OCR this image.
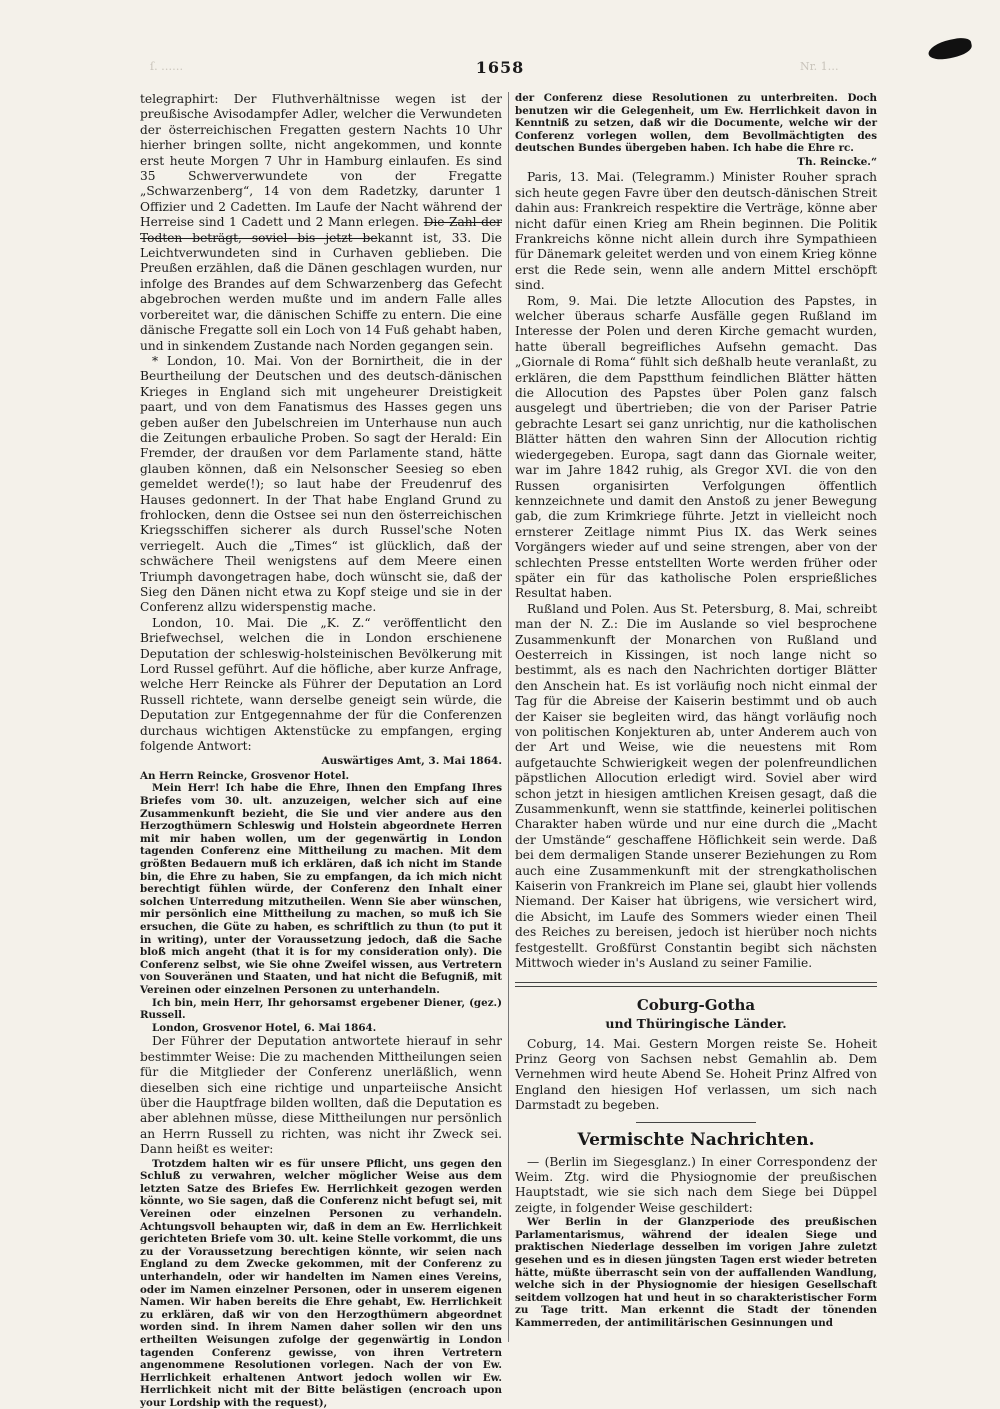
1658
ſ. ……	Nr. 1…

telegraphirt: Der Fluthverhältnisse wegen ist der preußische Avisodampfer Adler, welcher die Verwundeten der österreichischen Fregatten gestern Nachts 10 Uhr hierher bringen sollte, nicht angekommen, und konnte erst heute Morgen 7 Uhr in Hamburg einlaufen. Es sind 35 Schwerverwundete von der Fregatte „Schwarzenberg“, 14 von dem Radetzky, darunter 1 Offizier und 2 Cadetten. Im Laufe der Nacht während der Herreise sind 1 Cadett und 2 Mann erlegen. Die Zahl der Todten beträgt, soviel bis jetzt bekannt ist, 33. Die Leichtverwundeten sind in Curhaven geblieben. Die Preußen erzählen, daß die Dänen geschlagen wurden, nur infolge des Brandes auf dem Schwarzenberg das Gefecht abgebrochen werden mußte und im andern Falle alles vorbereitet war, die dänischen Schiffe zu entern. Die eine dänische Fregatte soll ein Loch von 14 Fuß gehabt haben, und in sinkendem Zustande nach Norden gegangen sein.

* London, 10. Mai. Von der Bornirtheit, die in der Beurtheilung der Deutschen und des deutsch-dänischen Krieges in England sich mit ungeheurer Dreistigkeit paart, und von dem Fanatismus des Hasses gegen uns geben außer den Jubelschreien im Unterhause nun auch die Zeitungen erbauliche Proben. So sagt der Herald: Ein Fremder, der draußen vor dem Parlamente stand, hätte glauben können, daß ein Nelsonscher Seesieg so eben gemeldet werde(!); so laut habe der Freudenruf des Hauses gedonnert. In der That habe England Grund zu frohlocken, denn die Ostsee sei nun den österreichischen Kriegsschiffen sicherer als durch Russel'sche Noten verriegelt. Auch die „Times“ ist glücklich, daß der schwächere Theil wenigstens auf dem Meere einen Triumph davongetragen habe, doch wünscht sie, daß der Sieg den Dänen nicht etwa zu Kopf steige und sie in der Conferenz allzu widerspenstig mache.

London, 10. Mai. Die „K. Z.“ veröffentlicht den Briefwechsel, welchen die in London erschienene Deputation der schleswig-holsteinischen Bevölkerung mit Lord Russel geführt. Auf die höfliche, aber kurze Anfrage, welche Herr Reincke als Führer der Deputation an Lord Russell richtete, wann derselbe geneigt sein würde, die Deputation zur Entgegennahme der für die Conferenzen durchaus wichtigen Aktenstücke zu empfangen, erging folgende Antwort:

Auswärtiges Amt, 3. Mai 1864.

An Herrn Reincke, Grosvenor Hotel.

Mein Herr! Ich habe die Ehre, Ihnen den Empfang Ihres Briefes vom 30. ult. anzuzeigen, welcher sich auf eine Zusammenkunft bezieht, die Sie und vier andere aus den Herzogthümern Schleswig und Holstein abgeordnete Herren mit mir haben wollen, um der gegenwärtig in London tagenden Conferenz eine Mittheilung zu machen. Mit dem größten Bedauern muß ich erklären, daß ich nicht im Stande bin, die Ehre zu haben, Sie zu empfangen, da ich mich nicht berechtigt fühlen würde, der Conferenz den Inhalt einer solchen Unterredung mitzutheilen. Wenn Sie aber wünschen, mir persönlich eine Mittheilung zu machen, so muß ich Sie ersuchen, die Güte zu haben, es schriftlich zu thun (to put it in writing), unter der Voraussetzung jedoch, daß die Sache bloß mich angeht (that it is for my consideration only). Die Conferenz selbst, wie Sie ohne Zweifel wissen, aus Vertretern von Souveränen und Staaten, und hat nicht die Befugniß, mit Vereinen oder einzelnen Personen zu unterhandeln.

Ich bin, mein Herr, Ihr gehorsamst ergebener Diener, (gez.) Russell.

London, Grosvenor Hotel, 6. Mai 1864.

Der Führer der Deputation antwortete hierauf in sehr bestimmter Weise: Die zu machenden Mittheilungen seien für die Mitglieder der Conferenz unerläßlich, wenn dieselben sich eine richtige und unparteiische Ansicht über die Hauptfrage bilden wollten, daß die Deputation es aber ablehnen müsse, diese Mittheilungen nur persönlich an Herrn Russell zu richten, was nicht ihr Zweck sei. Dann heißt es weiter:

Trotzdem halten wir es für unsere Pflicht, uns gegen den Schluß zu verwahren, welcher möglicher Weise aus dem letzten Satze des Briefes Ew. Herrlichkeit gezogen werden könnte, wo Sie sagen, daß die Conferenz nicht befugt sei, mit Vereinen oder einzelnen Personen zu verhandeln. Achtungsvoll behaupten wir, daß in dem an Ew. Herrlichkeit gerichteten Briefe vom 30. ult. keine Stelle vorkommt, die uns zu der Voraussetzung berechtigen könnte, wir seien nach England zu dem Zwecke gekommen, mit der Conferenz zu unterhandeln, oder wir handelten im Namen eines Vereins, oder im Namen einzelner Personen, oder in unserem eigenen Namen. Wir haben bereits die Ehre gehabt, Ew. Herrlichkeit zu erklären, daß wir von den Herzogthümern abgeordnet worden sind. In ihrem Namen daher sollen wir den uns ertheilten Weisungen zufolge der gegenwärtig in London tagenden Conferenz gewisse, von ihren Vertretern angenommene Resolutionen vorlegen. Nach der von Ew. Herrlichkeit erhaltenen Antwort jedoch wollen wir Ew. Herrlichkeit nicht mit der Bitte belästigen (encroach upon your Lordship with the request),

der Conferenz diese Resolutionen zu unterbreiten. Doch benutzen wir die Gelegenheit, um Ew. Herrlichkeit davon in Kenntniß zu setzen, daß wir die Documente, welche wir der Conferenz vorlegen wollen, dem Bevollmächtigten des deutschen Bundes übergeben haben. Ich habe die Ehre rc.

Th. Reincke.“

Paris, 13. Mai. (Telegramm.) Minister Rouher sprach sich heute gegen Favre über den deutsch-dänischen Streit dahin aus: Frankreich respektire die Verträge, könne aber nicht dafür einen Krieg am Rhein beginnen. Die Politik Frankreichs könne nicht allein durch ihre Sympathieen für Dänemark geleitet werden und von einem Krieg könne erst die Rede sein, wenn alle andern Mittel erschöpft sind.

Rom, 9. Mai. Die letzte Allocution des Papstes, in welcher überaus scharfe Ausfälle gegen Rußland im Interesse der Polen und deren Kirche gemacht wurden, hatte überall begreifliches Aufsehn gemacht. Das „Giornale di Roma“ fühlt sich deßhalb heute veranlaßt, zu erklären, die dem Papstthum feindlichen Blätter hätten die Allocution des Papstes über Polen ganz falsch ausgelegt und übertrieben; die von der Pariser Patrie gebrachte Lesart sei ganz unrichtig, nur die katholischen Blätter hätten den wahren Sinn der Allocution richtig wiedergegeben. Europa, sagt dann das Giornale weiter, war im Jahre 1842 ruhig, als Gregor XVI. die von den Russen organisirten Verfolgungen öffentlich kennzeichnete und damit den Anstoß zu jener Bewegung gab, die zum Krimkriege führte. Jetzt in vielleicht noch ernsterer Zeitlage nimmt Pius IX. das Werk seines Vorgängers wieder auf und seine strengen, aber von der schlechten Presse entstellten Worte werden früher oder später ein für das katholische Polen ersprießliches Resultat haben.

Rußland und Polen. Aus St. Petersburg, 8. Mai, schreibt man der N. Z.: Die im Auslande so viel besprochene Zusammenkunft der Monarchen von Rußland und Oesterreich in Kissingen, ist noch lange nicht so bestimmt, als es nach den Nachrichten dortiger Blätter den Anschein hat. Es ist vorläufig noch nicht einmal der Tag für die Abreise der Kaiserin bestimmt und ob auch der Kaiser sie begleiten wird, das hängt vorläufig noch von politischen Konjekturen ab, unter Anderem auch von der Art und Weise, wie die neuestens mit Rom aufgetauchte Schwierigkeit wegen der polenfreundlichen päpstlichen Allocution erledigt wird. Soviel aber wird schon jetzt in hiesigen amtlichen Kreisen gesagt, daß die Zusammenkunft, wenn sie stattfinde, keinerlei politischen Charakter haben würde und nur eine durch die „Macht der Umstände“ geschaffene Höflichkeit sein werde. Daß bei dem dermaligen Stande unserer Beziehungen zu Rom auch eine Zusammenkunft mit der strengkatholischen Kaiserin von Frankreich im Plane sei, glaubt hier vollends Niemand. Der Kaiser hat übrigens, wie versichert wird, die Absicht, im Laufe des Sommers wieder einen Theil des Reiches zu bereisen, jedoch ist hierüber noch nichts festgestellt. Großfürst Constantin begibt sich nächsten Mittwoch wieder in's Ausland zu seiner Familie.

Coburg-Gotha
und Thüringische Länder.

Coburg, 14. Mai. Gestern Morgen reiste Se. Hoheit Prinz Georg von Sachsen nebst Gemahlin ab. Dem Vernehmen wird heute Abend Se. Hoheit Prinz Alfred von England den hiesigen Hof verlassen, um sich nach Darmstadt zu begeben.

Vermischte Nachrichten.

— (Berlin im Siegesglanz.) In einer Correspondenz der Weim. Ztg. wird die Physiognomie der preußischen Hauptstadt, wie sie sich nach dem Siege bei Düppel zeigte, in folgender Weise geschildert:

Wer Berlin in der Glanzperiode des preußischen Parlamentarismus, während der idealen Siege und praktischen Niederlage desselben im vorigen Jahre zuletzt gesehen und es in diesen jüngsten Tagen erst wieder betreten hätte, müßte überrascht sein von der auffallenden Wandlung, welche sich in der Physiognomie der hiesigen Gesellschaft seitdem vollzogen hat und heut in so charakteristischer Form zu Tage tritt. Man erkennt die Stadt der tönenden Kammerreden, der antimilitärischen Gesinnungen und
